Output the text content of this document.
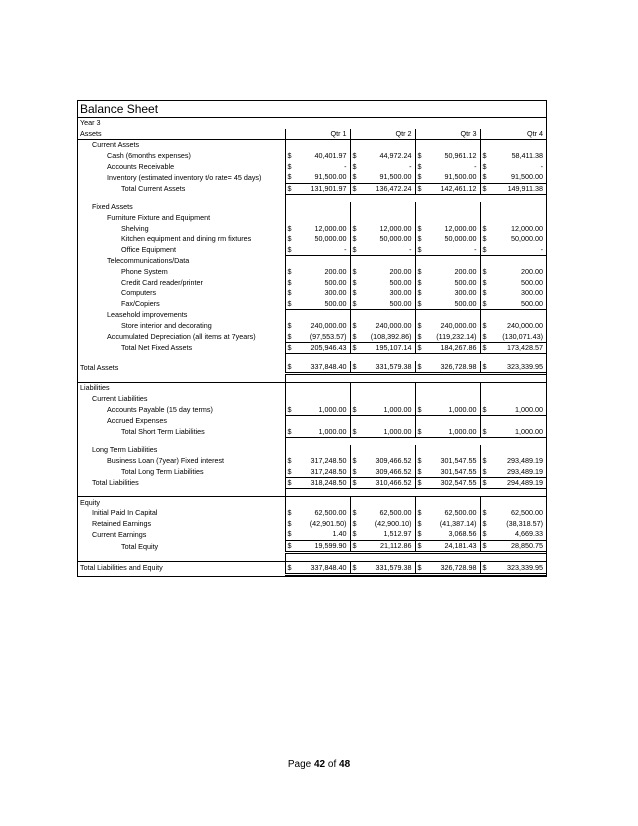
Balance Sheet
Year 3								
Assets	Qtr 1		Qtr 2		Qtr 3		Qtr 4	

Current Assets								

Cash (6months expenses)	$	40,401.97	$	44,972.24	$	50,961.12	$	58,411.38

Accounts Receivable	$	-	$	-	$	-	$	-

Inventory (estimated inventory t/o rate= 45 days)	$	91,500.00	$	91,500.00	$	91,500.00	$	91,500.00

Total Current Assets	$	131,901.97	$	136,472.24	$	142,461.12	$	149,911.38

Fixed Assets								

Furniture Fixture and Equipment								

Shelving	$	12,000.00	$	12,000.00	$	12,000.00	$	12,000.00

Kitchen equipment and dining rm fixtures	$	50,000.00	$	50,000.00	$	50,000.00	$	50,000.00

Office Equipment	$	-	$	-	$	-	$	-

Telecommunications/Data								

Phone System	$	200.00	$	200.00	$	200.00	$	200.00

Credit Card reader/printer	$	500.00	$	500.00	$	500.00	$	500.00

Computers	$	300.00	$	300.00	$	300.00	$	300.00

Fax/Copiers	$	500.00	$	500.00	$	500.00	$	500.00

Leasehold improvements								

Store interior and decorating	$	240,000.00	$	240,000.00	$	240,000.00	$	240,000.00

Accumulated Depreciation (all items at 7years)	$	(97,553.57)	$	(108,392.86)	$	(119,232.14)	$	(130,071.43)

Total Net Fixed Assets	$	205,946.43	$	195,107.14	$	184,267.86	$	173,428.57

Total Assets	$	337,848.40	$	331,579.38	$	326,728.98	$	323,339.95

Liabilities								

Current Liabilities								

Accounts Payable (15 day terms)	$	1,000.00	$	1,000.00	$	1,000.00	$	1,000.00

Accrued Expenses								

Total Short Term Liabilities	$	1,000.00	$	1,000.00	$	1,000.00	$	1,000.00

Long Term Liabilities								

Business Loan (7year) Fixed interest	$	317,248.50	$	309,466.52	$	301,547.55	$	293,489.19

Total Long Term Liabilities	$	317,248.50	$	309,466.52	$	301,547.55	$	293,489.19

Total Liabilities	$	318,248.50	$	310,466.52	$	302,547.55	$	294,489.19

Equity								

Initial Paid In Capital	$	62,500.00	$	62,500.00	$	62,500.00	$	62,500.00

Retained Earnings	$	(42,901.50)	$	(42,900.10)	$	(41,387.14)	$	(38,318.57)

Current Earnings	$	1.40	$	1,512.97	$	3,068.56	$	4,669.33

Total Equity	$	19,599.90	$	21,112.86	$	24,181.43	$	28,850.75

Total Liabilities and Equity	$	337,848.40	$	331,579.38	$	326,728.98	$	323,339.95
Page 42 of 48
